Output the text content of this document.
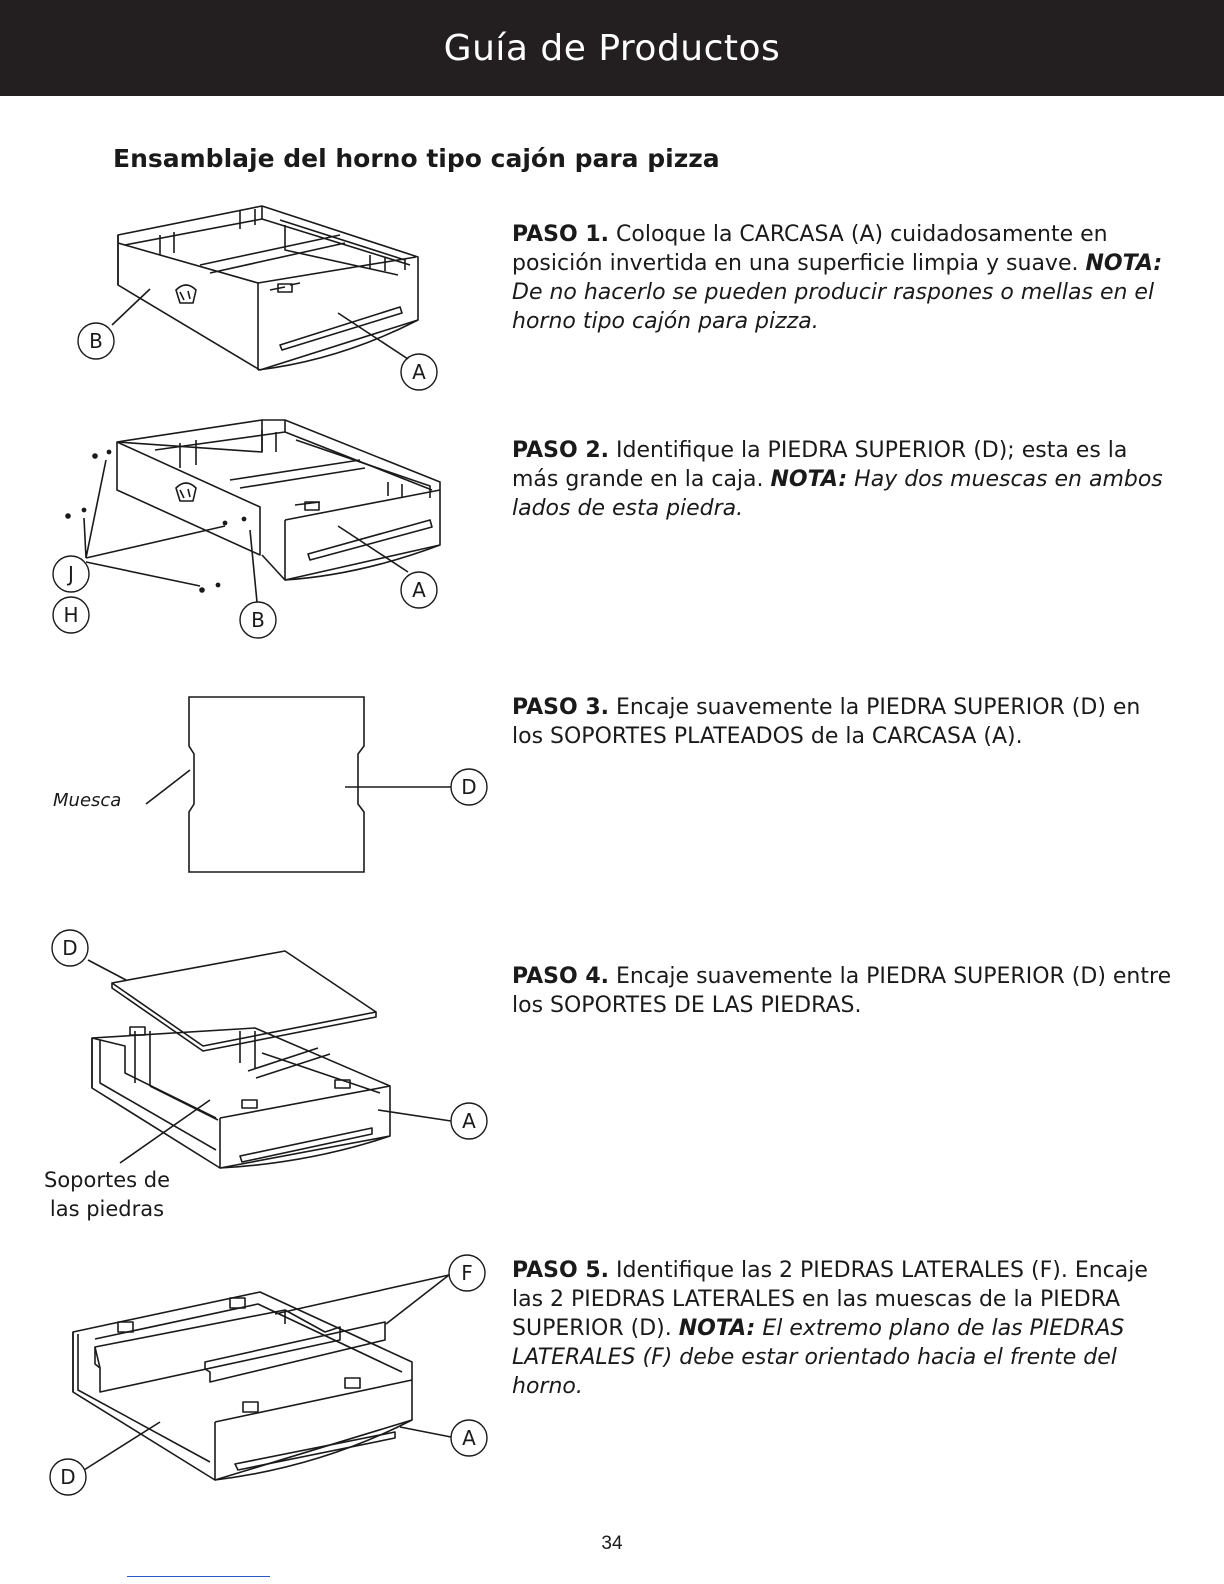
Guía de Productos
Ensamblaje del horno tipo cajón para pizza

PASO 1. Coloque la CARCASA (A) cuidadosamente en posición invertida en una superficie limpia y suave. NOTA: De no hacerlo se pueden producir raspones o mellas en el horno tipo cajón para pizza.

PASO 2. Identifique la PIEDRA SUPERIOR (D); esta es la más grande en la caja. NOTA: Hay dos muescas en ambos lados de esta piedra.

PASO 3. Encaje suavemente la PIEDRA SUPERIOR (D) en los SOPORTES PLATEADOS de la CARCASA (A).

PASO 4. Encaje suavemente la PIEDRA SUPERIOR (D) entre los SOPORTES DE LAS PIEDRAS.

PASO 5. Identifique las 2 PIEDRAS LATERALES (F). Encaje las 2 PIEDRAS LATERALES en las muescas de la PIEDRA SUPERIOR (D). NOTA: El extremo plano de las PIEDRAS LATERALES (F) debe estar orientado hacia el frente del horno.

B
A
J
H	B
A
D
Muesca
D
A
Soportes de
las piedras
F
A
D
34
